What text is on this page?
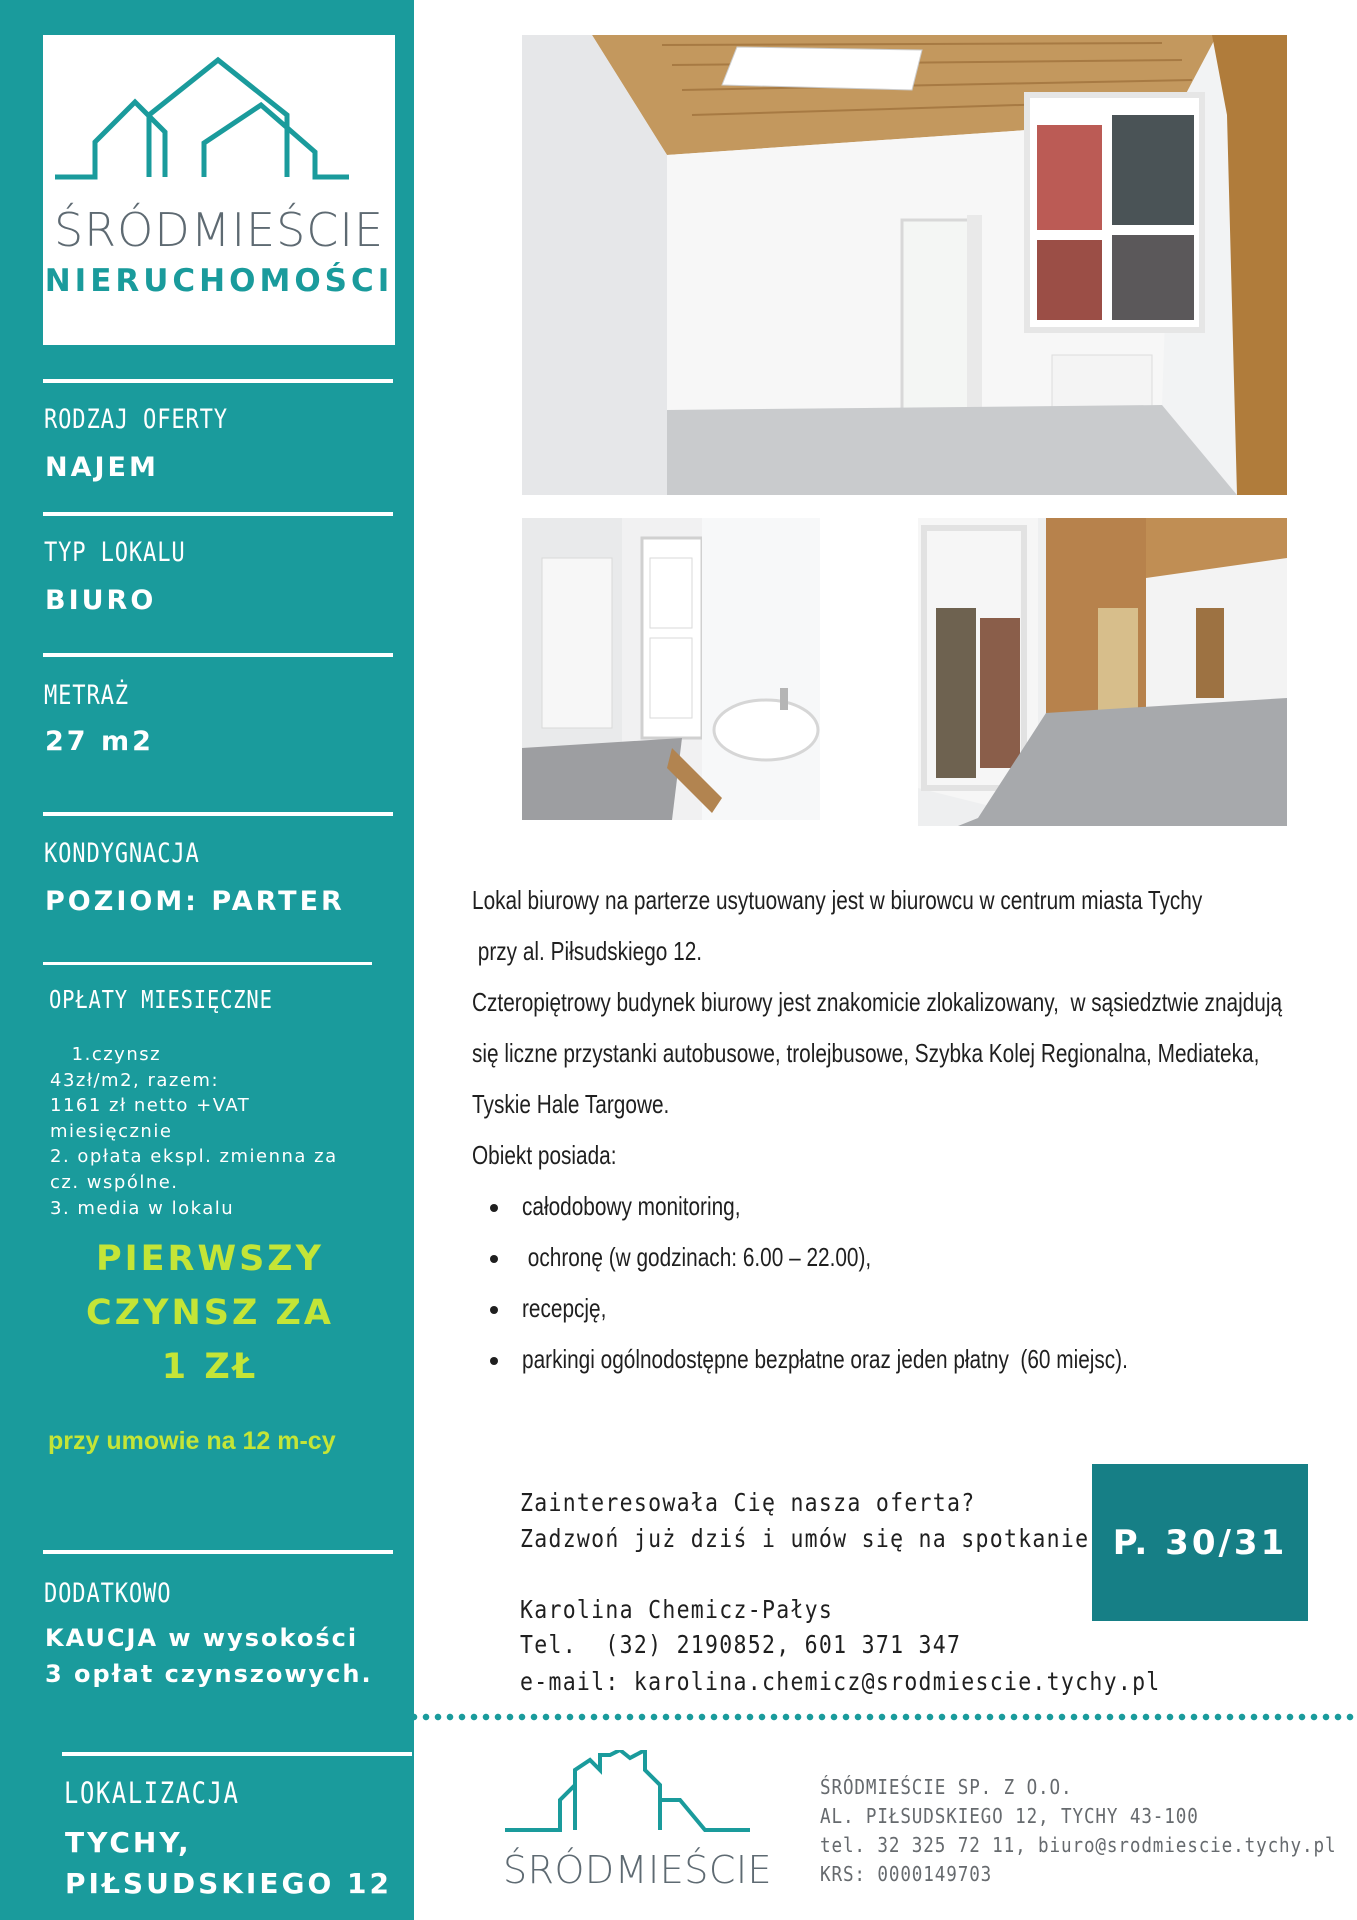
ŚRÓDMIEŚCIE
NIERUCHOMOŚCI
RODZAJ OFERTY
NAJEM
TYP LOKALU
BIURO
METRAŻ
27 m2
KONDYGNACJA
POZIOM: PARTER
OPŁATY MIESIĘCZNE
1.czynsz
43zł/m2, razem:
1161 zł netto +VAT
miesięcznie
2. opłata ekspl. zmienna za
cz. wspólne.
3. media w lokalu
PIERWSZY
CZYNSZ ZA
1 ZŁ
przy umowie na 12 m-cy
DODATKOWO
KAUCJA w wysokości
3 opłat czynszowych.
LOKALIZACJA
TYCHY,
PIŁSUDSKIEGO 12
Lokal biurowy na parterze usytuowany jest w biurowcu w centrum miasta Tychy
przy al. Piłsudskiego 12.
Czteropiętrowy budynek biurowy jest znakomicie zlokalizowany,  w sąsiedztwie znajdują
się liczne przystanki autobusowe, trolejbusowe, Szybka Kolej Regionalna, Mediateka,
Tyskie Hale Targowe.
Obiekt posiada:
całodobowy monitoring,
ochronę (w godzinach: 6.00 – 22.00),
recepcję,
parkingi ogólnodostępne bezpłatne oraz jeden płatny  (60 miejsc).
Zainteresowała Cię nasza oferta?
Zadzwoń już dziś i umów się na spotkanie
Karolina Chemicz-Pałys
Tel.  (32) 2190852, 601 371 347
e-mail: karolina.chemicz@srodmiescie.tychy.pl
P. 30/31
ŚRÓDMIEŚCIE
ŚRÓDMIEŚCIE SP. Z O.O.
AL. PIŁSUDSKIEGO 12, TYCHY 43-100
tel. 32 325 72 11, biuro@srodmiescie.tychy.pl
KRS: 0000149703
